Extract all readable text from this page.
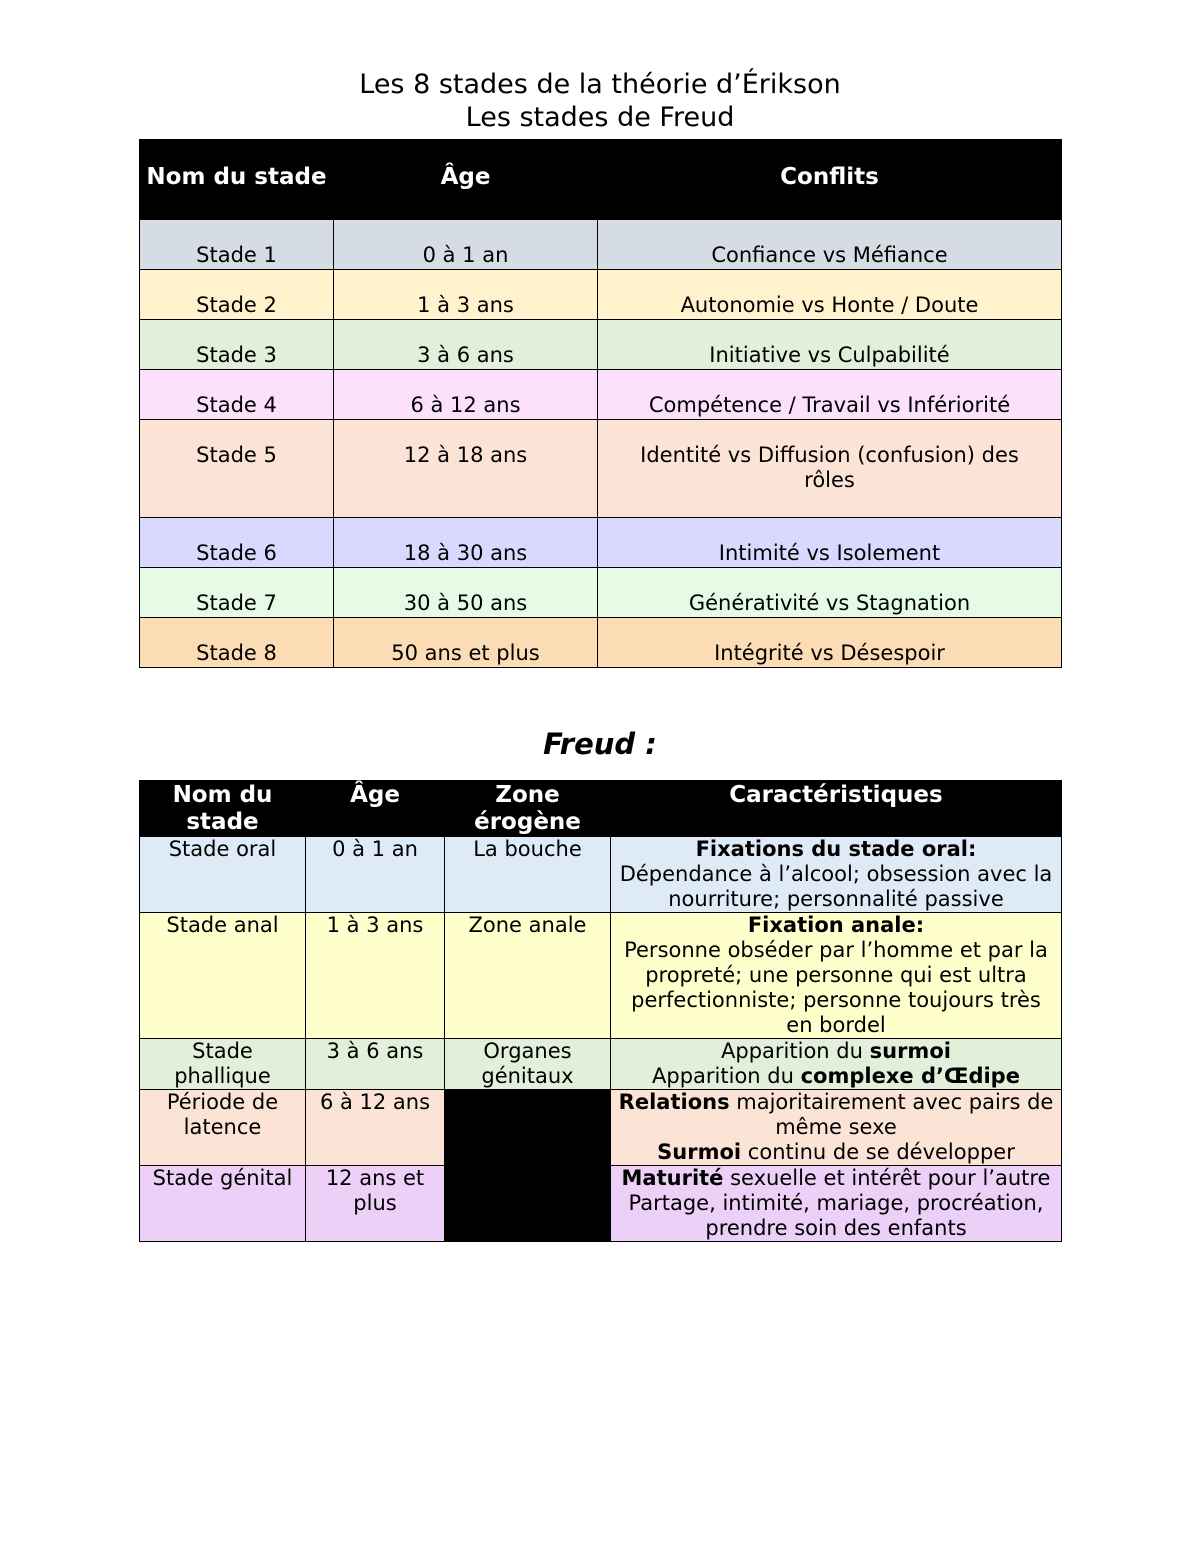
Les 8 stades de la théorie d’Érikson
Les stades de Freud
Nom du stade	Âge	Conflits
Stade 1	0 à 1 an	Confiance vs Méfiance
Stade 2	1 à 3 ans	Autonomie vs Honte / Doute
Stade 3	3 à 6 ans	Initiative vs Culpabilité
Stade 4	6 à 12 ans	Compétence / Travail vs Infériorité
Stade 5	12 à 18 ans	Identité vs Diffusion (confusion) des rôles
Stade 6	18 à 30 ans	Intimité vs Isolement
Stade 7	30 à 50 ans	Générativité vs Stagnation
Stade 8	50 ans et plus	Intégrité vs Désespoir
Freud :
Nom du stade	Âge	Zone érogène	Caractéristiques
Stade oral	0 à 1 an	La bouche	Fixations du stade oral:
Dépendance à l’alcool; obsession avec la nourriture; personnalité passive
Stade anal	1 à 3 ans	Zone anale	Fixation anale:
Personne obséder par l’homme et par la propreté; une personne qui est ultra perfectionniste; personne toujours très en bordel
Stade phallique	3 à 6 ans	Organes génitaux	Apparition du surmoi
Apparition du complexe d’Œdipe
Période de latence	6 à 12 ans		Relations majoritairement avec pairs de même sexe
Surmoi continu de se développer
Stade génital	12 ans et plus		Maturité sexuelle et intérêt pour l’autre Partage, intimité, mariage, procréation, prendre soin des enfants
